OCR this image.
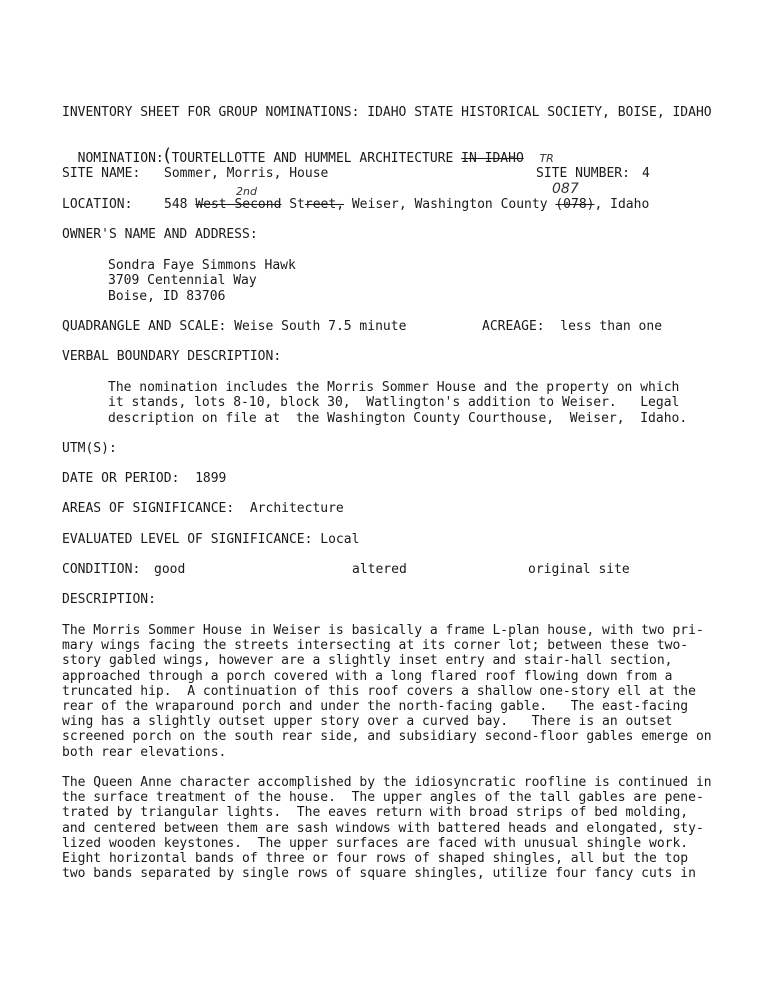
INVENTORY SHEET FOR GROUP NOMINATIONS: IDAHO STATE HISTORICAL SOCIETY, BOISE, IDAHO

NOMINATION:
( TOURTELLOTTE AND HUMMEL ARCHITECTURE IN IDAHO TR

SITE NAME: Sommer, Morris, House	SITE NUMBER: 4
2nd	087
LOCATION: 548 West Second Street, Weiser, Washington County (078), Idaho
OWNER'S NAME AND ADDRESS:
Sondra Faye Simmons Hawk
3709 Centennial Way
Boise, ID 83706
QUADRANGLE AND SCALE: Weise South 7.5 minute	ACREAGE: less than one
VERBAL BOUNDARY DESCRIPTION:
The nomination includes the Morris Sommer House and the property on which
it stands, lots 8-10, block 30,  Watlington's addition to Weiser.   Legal
description on file at  the Washington County Courthouse,  Weiser,  Idaho.
UTM(S):
DATE OR PERIOD: 1899
AREAS OF SIGNIFICANCE: Architecture
EVALUATED LEVEL OF SIGNIFICANCE: Local
CONDITION: good	altered	original site
DESCRIPTION:
The Morris Sommer House in Weiser is basically a frame L-plan house, with two pri-
mary wings facing the streets intersecting at its corner lot; between these two-
story gabled wings, however are a slightly inset entry and stair-hall section,
approached through a porch covered with a long flared roof flowing down from a
truncated hip.  A continuation of this roof covers a shallow one-story ell at the
rear of the wraparound porch and under the north-facing gable.   The east-facing
wing has a slightly outset upper story over a curved bay.   There is an outset
screened porch on the south rear side, and subsidiary second-floor gables emerge on
both rear elevations.
The Queen Anne character accomplished by the idiosyncratic roofline is continued in
the surface treatment of the house.  The upper angles of the tall gables are pene-
trated by triangular lights.  The eaves return with broad strips of bed molding,
and centered between them are sash windows with battered heads and elongated, sty-
lized wooden keystones.  The upper surfaces are faced with unusual shingle work.
Eight horizontal bands of three or four rows of shaped shingles, all but the top
two bands separated by single rows of square shingles, utilize four fancy cuts in
